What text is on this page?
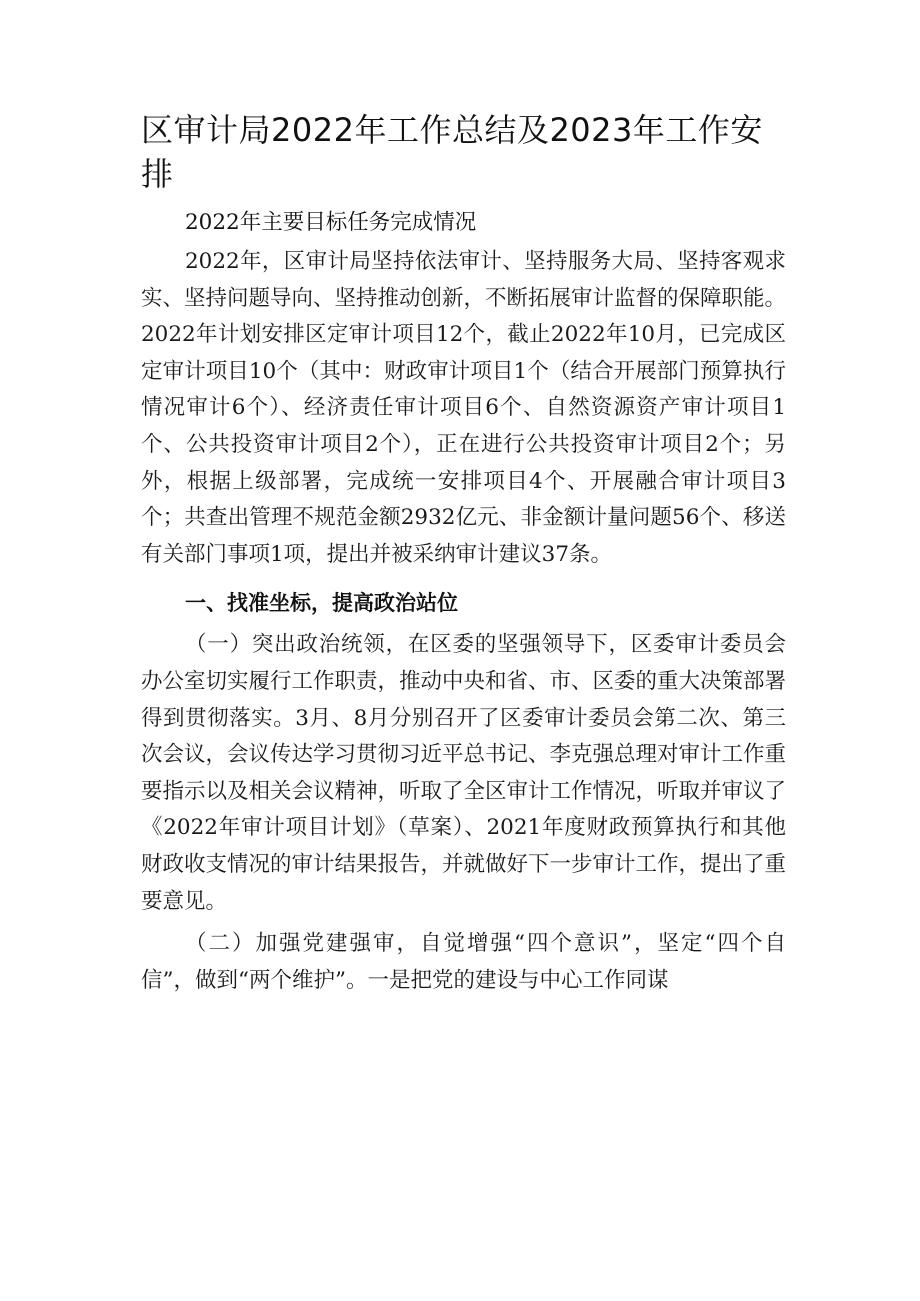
区审计局2022年工作总结及2023年工作安排

2022年主要目标任务完成情况

2022年，区审计局坚持依法审计、坚持服务大局、坚持客观求实、坚持问题导向、坚持推动创新，不断拓展审计监督的保障职能。2022年计划安排区定审计项目12个，截止2022年10月，已完成区定审计项目10个（其中：财政审计项目1个（结合开展部门预算执行情况审计6个）、经济责任审计项目6个、自然资源资产审计项目1个、公共投资审计项目2个），正在进行公共投资审计项目2个；另外，根据上级部署，完成统一安排项目4个、开展融合审计项目3个；共查出管理不规范金额2932亿元、非金额计量问题56个、移送有关部门事项1项，提出并被采纳审计建议37条。

一、找准坐标，提高政治站位

（一）突出政治统领，在区委的坚强领导下，区委审计委员会办公室切实履行工作职责，推动中央和省、市、区委的重大决策部署得到贯彻落实。3月、8月分别召开了区委审计委员会第二次、第三次会议，会议传达学习贯彻习近平总书记、李克强总理对审计工作重要指示以及相关会议精神，听取了全区审计工作情况，听取并审议了《2022年审计项目计划》（草案）、2021年度财政预算执行和其他财政收支情况的审计结果报告，并就做好下一步审计工作，提出了重要意见。

（二）加强党建强审，自觉增强“四个意识”，坚定“四个自信”，做到“两个维护”。一是把党的建设与中心工作同谋
